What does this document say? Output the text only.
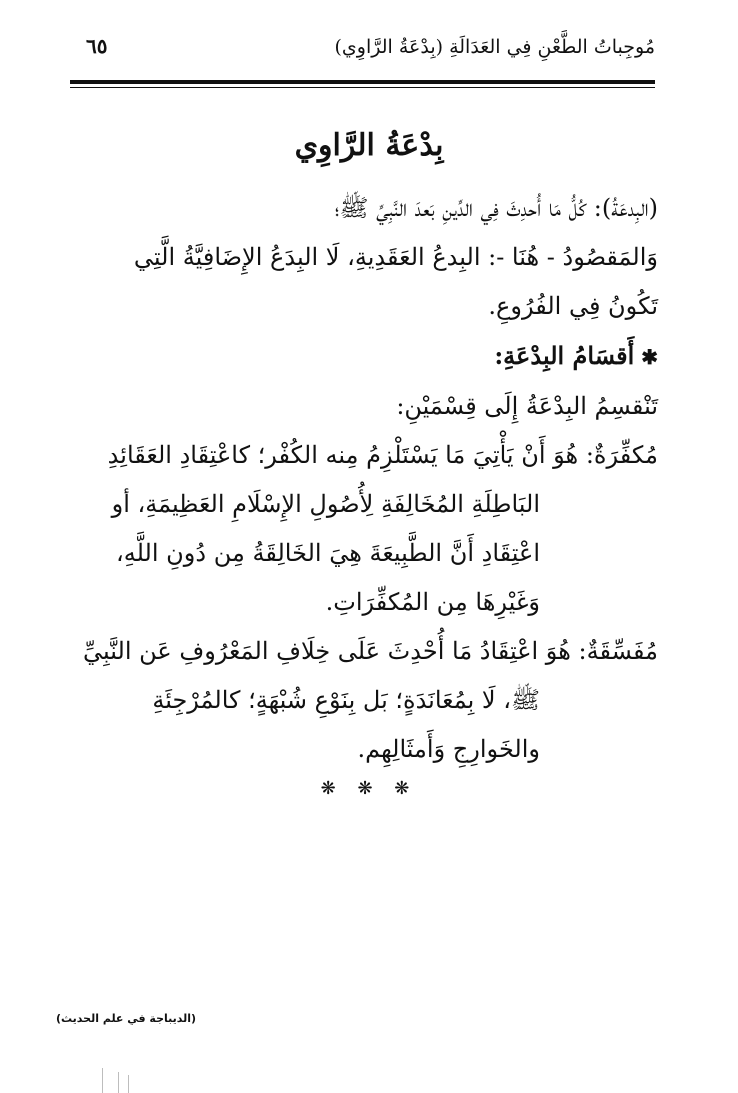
مُوجِباتُ الطَّعْنِ فِي العَدَالَةِ (بِدْعَةُ الرَّاوِي)
٦٥
بِدْعَةُ الرَّاوِي

(البِدعَةُ): كُلُّ مَا أُحدِثَ فِي الدِّينِ بَعدَ النَّبِيِّ ﷺ؛

وَالمَقصُودُ - هُنَا -: البِدعُ العَقَدِيةِ، لَا البِدَعُ الإِضَافِيَّةُ الَّتِي تَكُونُ فِي الفُرُوعِ.

✱ أَقسَامُ البِدْعَةِ:

تَنْقسِمُ البِدْعَةُ إِلَى قِسْمَيْنِ:

مُكفِّرَةٌ: هُوَ أَنْ يَأْتِيَ مَا يَسْتَلْزِمُ مِنه الكُفْر؛ كاعْتِقَادِ العَقَائِدِ البَاطِلَةِ المُخَالِفَةِ لِأُصُولِ الإِسْلَامِ العَظِيمَةِ، أو اعْتِقَادِ أَنَّ الطَّبِيعَةَ هِيَ الخَالِقَةُ مِن دُونِ اللَّهِ، وَغَيْرِهَا مِن المُكفِّرَاتِ.

مُفَسِّقَةٌ: هُوَ اعْتِقَادُ مَا أُحْدِثَ عَلَى خِلَافِ المَعْرُوفِ عَن النَّبِيِّ ﷺ، لَا بِمُعَانَدَةٍ؛ بَل بِنَوْعِ شُبْهَةٍ؛ كالمُرْجِئَةِ والخَوارِجِ وَأَمثَالِهِم.

❋ ❋ ❋
(الديباجة في علم الحديث)
